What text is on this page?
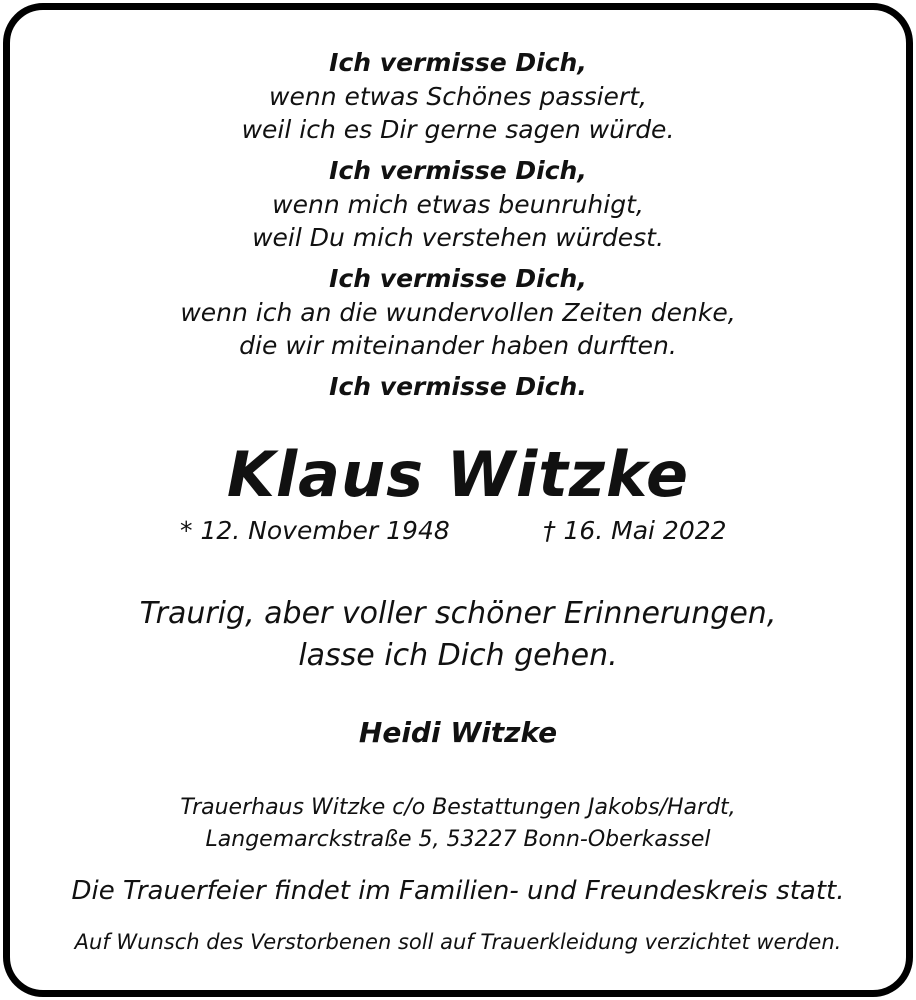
Ich vermisse Dich,
wenn etwas Schönes passiert,
weil ich es Dir gerne sagen würde.
Ich vermisse Dich,
wenn mich etwas beunruhigt,
weil Du mich verstehen würdest.
Ich vermisse Dich,
wenn ich an die wundervollen Zeiten denke,
die wir miteinander haben durften.
Ich vermisse Dich.
Klaus Witzke
* 12. November 1948	† 16. Mai 2022
Traurig, aber voller schöner Erinnerungen,
lasse ich Dich gehen.
Heidi Witzke
Trauerhaus Witzke c/o Bestattungen Jakobs/Hardt,
Langemarckstraße 5, 53227 Bonn-Oberkassel
Die Trauerfeier findet im Familien- und Freundeskreis statt.
Auf Wunsch des Verstorbenen soll auf Trauerkleidung verzichtet werden.
